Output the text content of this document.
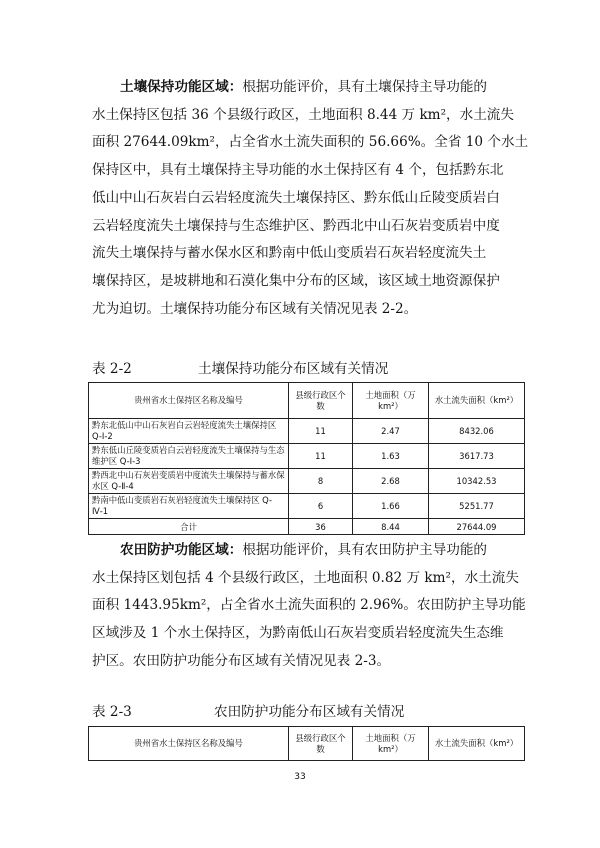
土壤保持功能区域：根据功能评价，具有土壤保持主导功能的
水土保持区包括 36 个县级行政区，土地面积 8.44 万 km²，水土流失
面积 27644.09km²，占全省水土流失面积的 56.66%。全省 10 个水土
保持区中，具有土壤保持主导功能的水土保持区有 4 个，包括黔东北
低山中山石灰岩白云岩轻度流失土壤保持区、黔东低山丘陵变质岩白
云岩轻度流失土壤保持与生态维护区、黔西北中山石灰岩变质岩中度
流失土壤保持与蓄水保水区和黔南中低山变质岩石灰岩轻度流失土
壤保持区，是坡耕地和石漠化集中分布的区域，该区域土地资源保护
尤为迫切。土壤保持功能分布区域有关情况见表 2-2。

表 2-2	土壤保持功能分布区域有关情况
贵州省水土保持区名称及编号	县级行政区个数	土地面积（万 km²）	水土流失面积（km²）
黔东北低山中山石灰岩白云岩轻度流失土壤保持区 Q-Ⅰ-2	11	2.47	8432.06
黔东低山丘陵变质岩白云岩轻度流失土壤保持与生态维护区 Q-Ⅰ-3	11	1.63	3617.73
黔西北中山石灰岩变质岩中度流失土壤保持与蓄水保水区 Q-Ⅱ-4	8	2.68	10342.53
黔南中低山变质岩石灰岩轻度流失土壤保持区 Q-Ⅳ-1	6	1.66	5251.77
合计	36	8.44	27644.09

农田防护功能区域：根据功能评价，具有农田防护主导功能的
水土保持区划包括 4 个县级行政区，土地面积 0.82 万 km²，水土流失
面积 1443.95km²，占全省水土流失面积的 2.96%。农田防护主导功能
区域涉及 1 个水土保持区，为黔南低山石灰岩变质岩轻度流失生态维
护区。农田防护功能分布区域有关情况见表 2-3。

表 2-3	农田防护功能分布区域有关情况
贵州省水土保持区名称及编号	县级行政区个数	土地面积（万 km²）	水土流失面积（km²）
33
